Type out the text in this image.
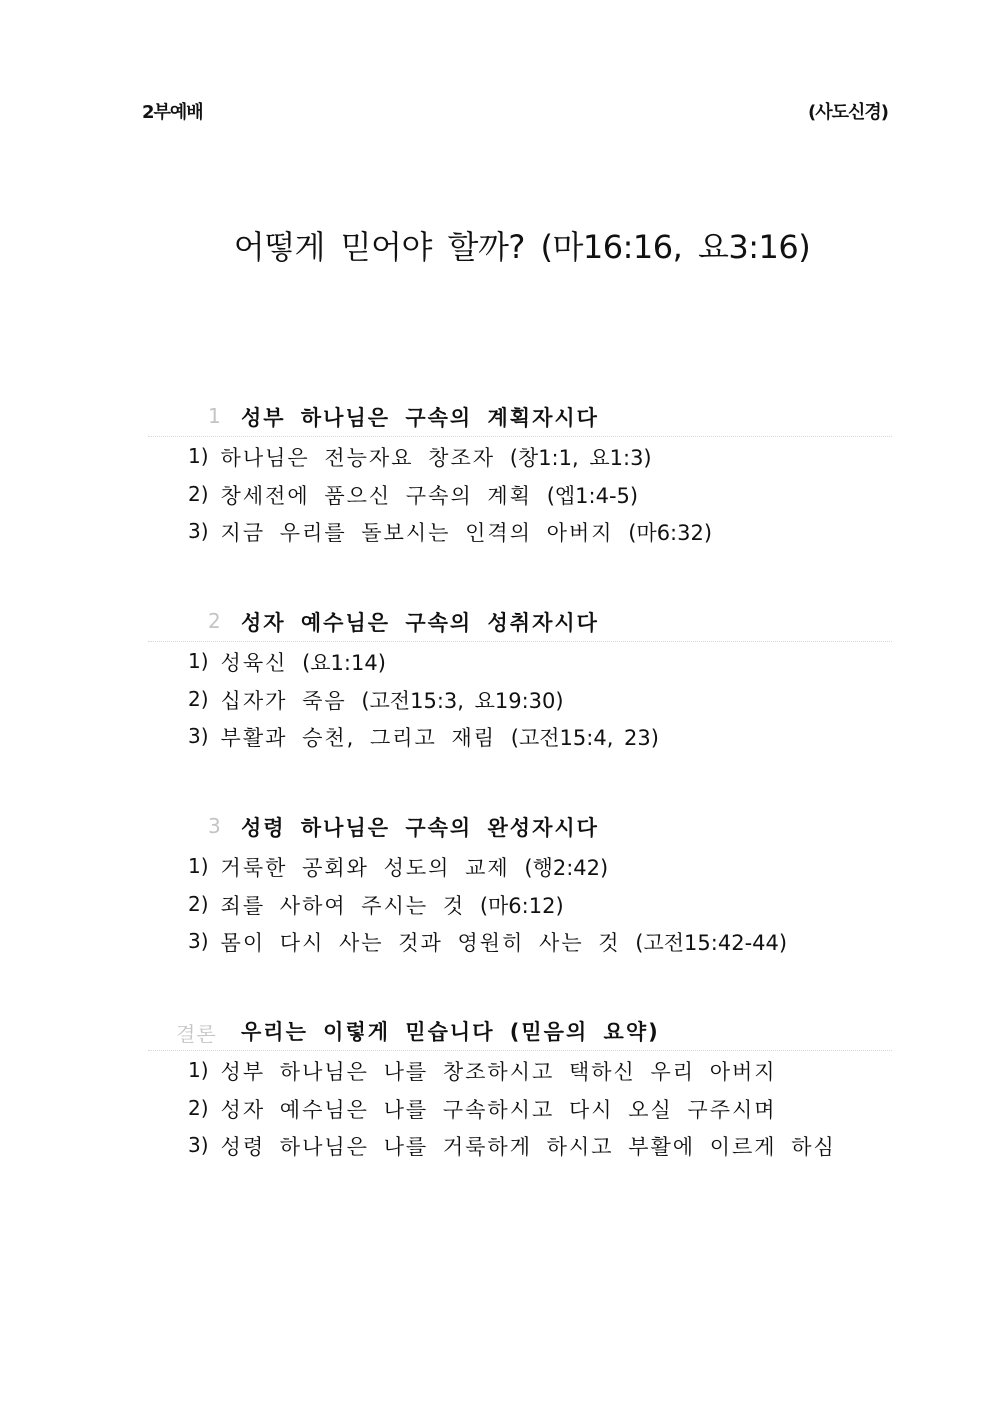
2부예배	(사도신경)
어떻게 믿어야 할까? (마16:16, 요3:16)
1 성부 하나님은 구속의 계획자시다
1) 하나님은 전능자요 창조자
(창1:1, 요1:3)
2) 창세전에 품으신 구속의 계획
(엡1:4-5)
3) 지금 우리를 돌보시는 인격의 아버지
(마6:32)
2 성자 예수님은 구속의 성취자시다
1) 성육신
(요1:14)
2) 십자가 죽음
(고전15:3, 요19:30)
3) 부활과 승천, 그리고 재림
(고전15:4, 23)
3 성령 하나님은 구속의 완성자시다
1) 거룩한 공회와 성도의 교제
(행2:42)
2) 죄를 사하여 주시는 것
(마6:12)
3) 몸이 다시 사는 것과 영원히 사는 것
(고전15:42-44)
결론 우리는 이렇게 믿습니다 (믿음의 요약)
1) 성부 하나님은 나를 창조하시고 택하신 우리 아버지
2) 성자 예수님은 나를 구속하시고 다시 오실 구주시며
3) 성령 하나님은 나를 거룩하게 하시고 부활에 이르게 하심
